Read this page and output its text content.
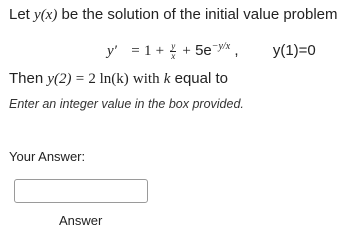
Let y(x) be the solution of the initial value problem
$y' = 1 + \frac{y}{x} + 5e^{-y/x}$ , y(1)=0
Then y(2) = 2 ln(k) with k equal to
Enter an integer value in the box provided.
Your Answer:
Answer
